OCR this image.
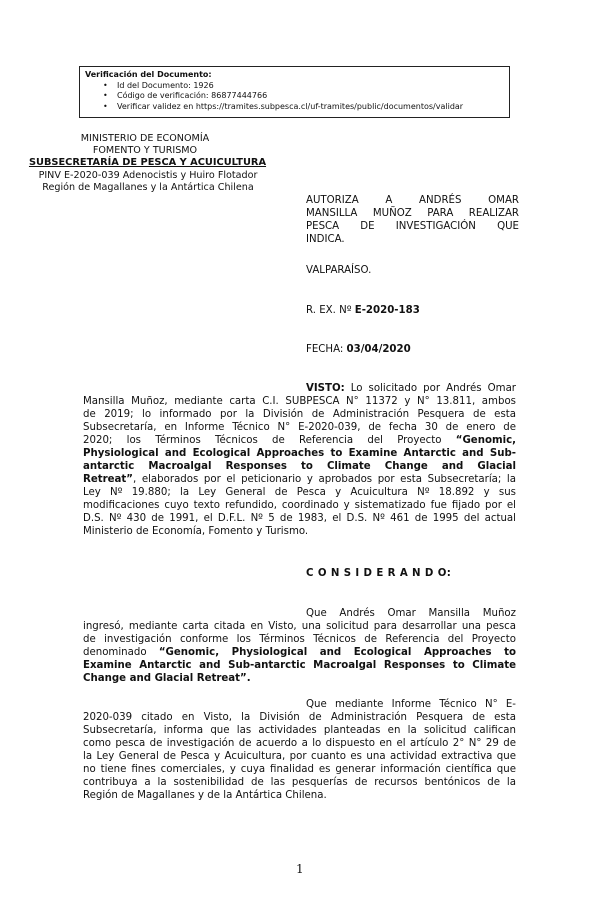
Verificación del Documento:
• Id del Documento: 1926
• Código de verificación: 86877444766
• Verificar validez en https://tramites.subpesca.cl/uf-tramites/public/documentos/validar
MINISTERIO DE ECONOMÍA
FOMENTO Y TURISMO
SUBSECRETARÍA DE PESCA Y ACUICULTURA
PINV E-2020-039 Adenocistis y Huiro Flotador
Región de Magallanes y la Antártica Chilena
AUTORIZA A ANDRÉS OMAR
MANSILLA MUÑOZ PARA REALIZAR
PESCA DE INVESTIGACIÓN QUE
INDICA.
VALPARAÍSO.
R. EX. Nº E-2020-183
FECHA: 03/04/2020
VISTO: Lo solicitado por Andrés Omar
Mansilla Muñoz, mediante carta C.I. SUBPESCA N° 11372 y N° 13.811, ambos
de 2019; lo informado por la División de Administración Pesquera de esta
Subsecretaría, en Informe Técnico N° E-2020-039, de fecha 30 de enero de
2020; los Términos Técnicos de Referencia del Proyecto “Genomic,
Physiological and Ecological Approaches to Examine Antarctic and Sub-
antarctic Macroalgal Responses to Climate Change and Glacial
Retreat”, elaborados por el peticionario y aprobados por esta Subsecretaría; la
Ley Nº 19.880; la Ley General de Pesca y Acuicultura Nº 18.892 y sus
modificaciones cuyo texto refundido, coordinado y sistematizado fue fijado por el
D.S. Nº 430 de 1991, el D.F.L. Nº 5 de 1983, el D.S. Nº 461 de 1995 del actual
Ministerio de Economía, Fomento y Turismo.
C O N S I D E R A N D O:
Que Andrés Omar Mansilla Muñoz
ingresó, mediante carta citada en Visto, una solicitud para desarrollar una pesca
de investigación conforme los Términos Técnicos de Referencia del Proyecto
denominado “Genomic, Physiological and Ecological Approaches to
Examine Antarctic and Sub-antarctic Macroalgal Responses to Climate
Change and Glacial Retreat”.
Que mediante Informe Técnico N° E-
2020-039 citado en Visto, la División de Administración Pesquera de esta
Subsecretaría, informa que las actividades planteadas en la solicitud califican
como pesca de investigación de acuerdo a lo dispuesto en el artículo 2° N° 29 de
la Ley General de Pesca y Acuicultura, por cuanto es una actividad extractiva que
no tiene fines comerciales, y cuya finalidad es generar información científica que
contribuya a la sostenibilidad de las pesquerías de recursos bentónicos de la
Región de Magallanes y de la Antártica Chilena.
1
